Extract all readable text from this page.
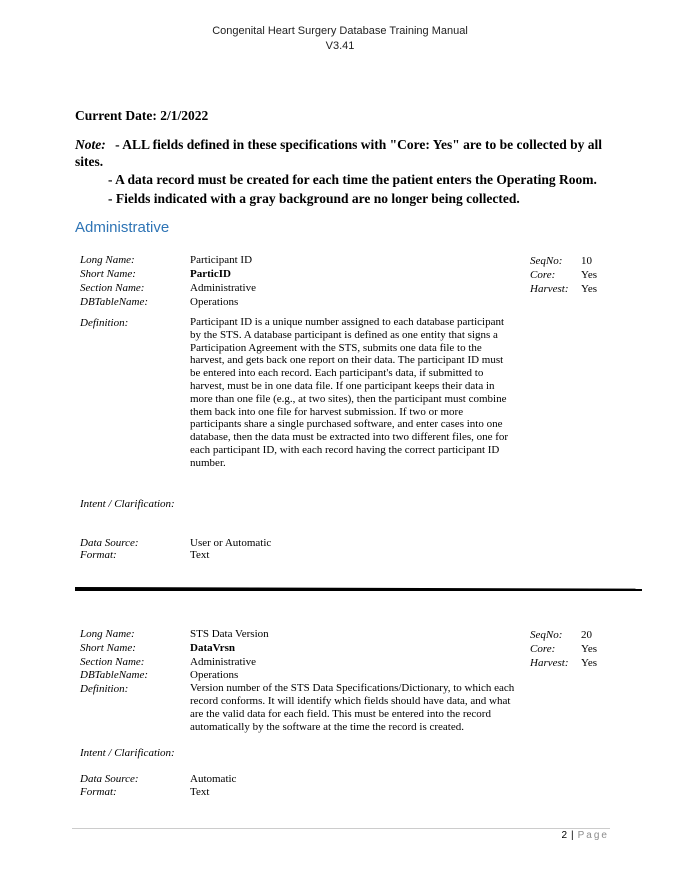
Congenital Heart Surgery Database Training Manual
V3.41
Current Date: 2/1/2022
Note: - ALL fields defined in these specifications with "Core: Yes" are to be collected by all sites.
- A data record must be created for each time the patient enters the Operating Room.
- Fields indicated with a gray background are no longer being collected.
Administrative
Long Name:	Participant ID
Short Name:	ParticID
Section Name:	Administrative
DBTableName:	Operations
SeqNo: 10
Core: Yes
Harvest: Yes
Definition:	Participant ID is a unique number assigned to each database participant by the STS. A database participant is defined as one entity that signs a Participation Agreement with the STS, submits one data file to the harvest, and gets back one report on their data. The participant ID must be entered into each record. Each participant's data, if submitted to harvest, must be in one data file. If one participant keeps their data in more than one file (e.g., at two sites), then the participant must combine them back into one file for harvest submission. If two or more participants share a single purchased software, and enter cases into one database, then the data must be extracted into two different files, one for each participant ID, with each record having the correct participant ID number.
Intent / Clarification:
Data Source:	User or Automatic
Format:	Text
Long Name:	STS Data Version
Short Name:	DataVrsn
Section Name:	Administrative
DBTableName:	Operations
SeqNo: 20
Core: Yes
Harvest: Yes
Definition:	Version number of the STS Data Specifications/Dictionary, to which each record conforms. It will identify which fields should have data, and what are the valid data for each field. This must be entered into the record automatically by the software at the time the record is created.
Intent / Clarification:
Data Source:	Automatic
Format:	Text
2 | Page
